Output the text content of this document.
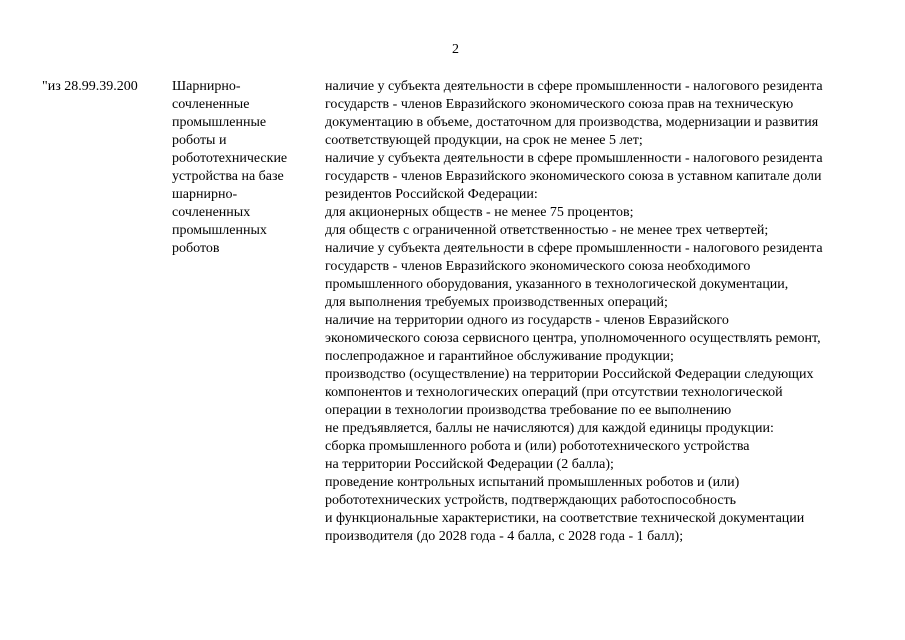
2
"из 28.99.39.200	Шарнирно-
сочлененные
промышленные
роботы и
робототехнические
устройства на базе
шарнирно-
сочлененных
промышленных
роботов
наличие у субъекта деятельности в сфере промышленности - налогового резидента
государств - членов Евразийского экономического союза прав на техническую
документацию в объеме, достаточном для производства, модернизации и развития
соответствующей продукции, на срок не менее 5 лет;
наличие у субъекта деятельности в сфере промышленности - налогового резидента
государств - членов Евразийского экономического союза в уставном капитале доли
резидентов Российской Федерации:
для акционерных обществ - не менее 75 процентов;
для обществ с ограниченной ответственностью - не менее трех четвертей;
наличие у субъекта деятельности в сфере промышленности - налогового резидента
государств - членов Евразийского экономического союза необходимого
промышленного оборудования, указанного в технологической документации,
для выполнения требуемых производственных операций;
наличие на территории одного из государств - членов Евразийского
экономического союза сервисного центра, уполномоченного осуществлять ремонт,
послепродажное и гарантийное обслуживание продукции;
производство (осуществление) на территории Российской Федерации следующих
компонентов и технологических операций (при отсутствии технологической
операции в технологии производства требование по ее выполнению
не предъявляется, баллы не начисляются) для каждой единицы продукции:
сборка промышленного робота и (или) робототехнического устройства
на территории Российской Федерации (2 балла);
проведение контрольных испытаний промышленных роботов и (или)
робототехнических устройств, подтверждающих работоспособность
и функциональные характеристики, на соответствие технической документации
производителя (до 2028 года - 4 балла, с 2028 года - 1 балл);
